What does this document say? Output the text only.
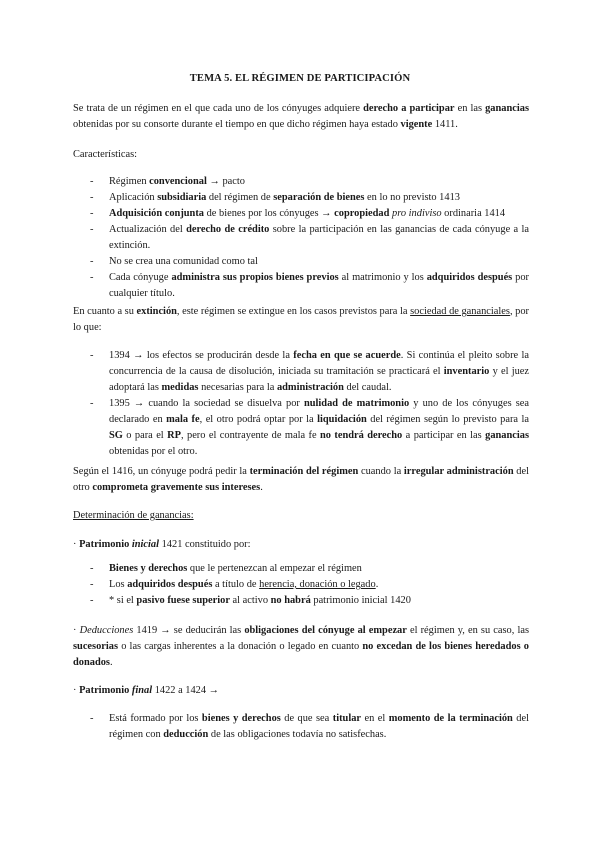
TEMA 5. EL RÉGIMEN DE PARTICIPACIÓN

Se trata de un régimen en el que cada uno de los cónyuges adquiere derecho a participar en las ganancias obtenidas por su consorte durante el tiempo en que dicho régimen haya estado vigente 1411.

Características:

- Régimen convencional → pacto
- Aplicación subsidiaria del régimen de separación de bienes en lo no previsto 1413
- Adquisición conjunta de bienes por los cónyuges → copropiedad pro indiviso ordinaria 1414
- Actualización del derecho de crédito sobre la participación en las ganancias de cada cónyuge a la extinción.
- No se crea una comunidad como tal
- Cada cónyuge administra sus propios bienes previos al matrimonio y los adquiridos después por cualquier título.

En cuanto a su extinción, este régimen se extingue en los casos previstos para la sociedad de gananciales, por lo que:

- 1394 → los efectos se producirán desde la fecha en que se acuerde. Si continúa el pleito sobre la concurrencia de la causa de disolución, iniciada su tramitación se practicará el inventario y el juez adoptará las medidas necesarias para la administración del caudal.
- 1395 → cuando la sociedad se disuelva por nulidad de matrimonio y uno de los cónyuges sea declarado en mala fe, el otro podrá optar por la liquidación del régimen según lo previsto para la SG o para el RP, pero el contrayente de mala fe no tendrá derecho a participar en las ganancias obtenidas por el otro.

Según el 1416, un cónyuge podrá pedir la terminación del régimen cuando la irregular administración del otro comprometa gravemente sus intereses.

Determinación de ganancias:

· Patrimonio inicial 1421 constituido por:

- Bienes y derechos que le pertenezcan al empezar el régimen
- Los adquiridos después a título de herencia, donación o legado.
- * si el pasivo fuese superior al activo no habrá patrimonio inicial 1420

· Deducciones 1419 → se deducirán las obligaciones del cónyuge al empezar el régimen y, en su caso, las sucesorias o las cargas inherentes a la donación o legado en cuanto no excedan de los bienes heredados o donados.

· Patrimonio final 1422 a 1424 →

- Está formado por los bienes y derechos de que sea titular en el momento de la terminación del régimen con deducción de las obligaciones todavía no satisfechas.
